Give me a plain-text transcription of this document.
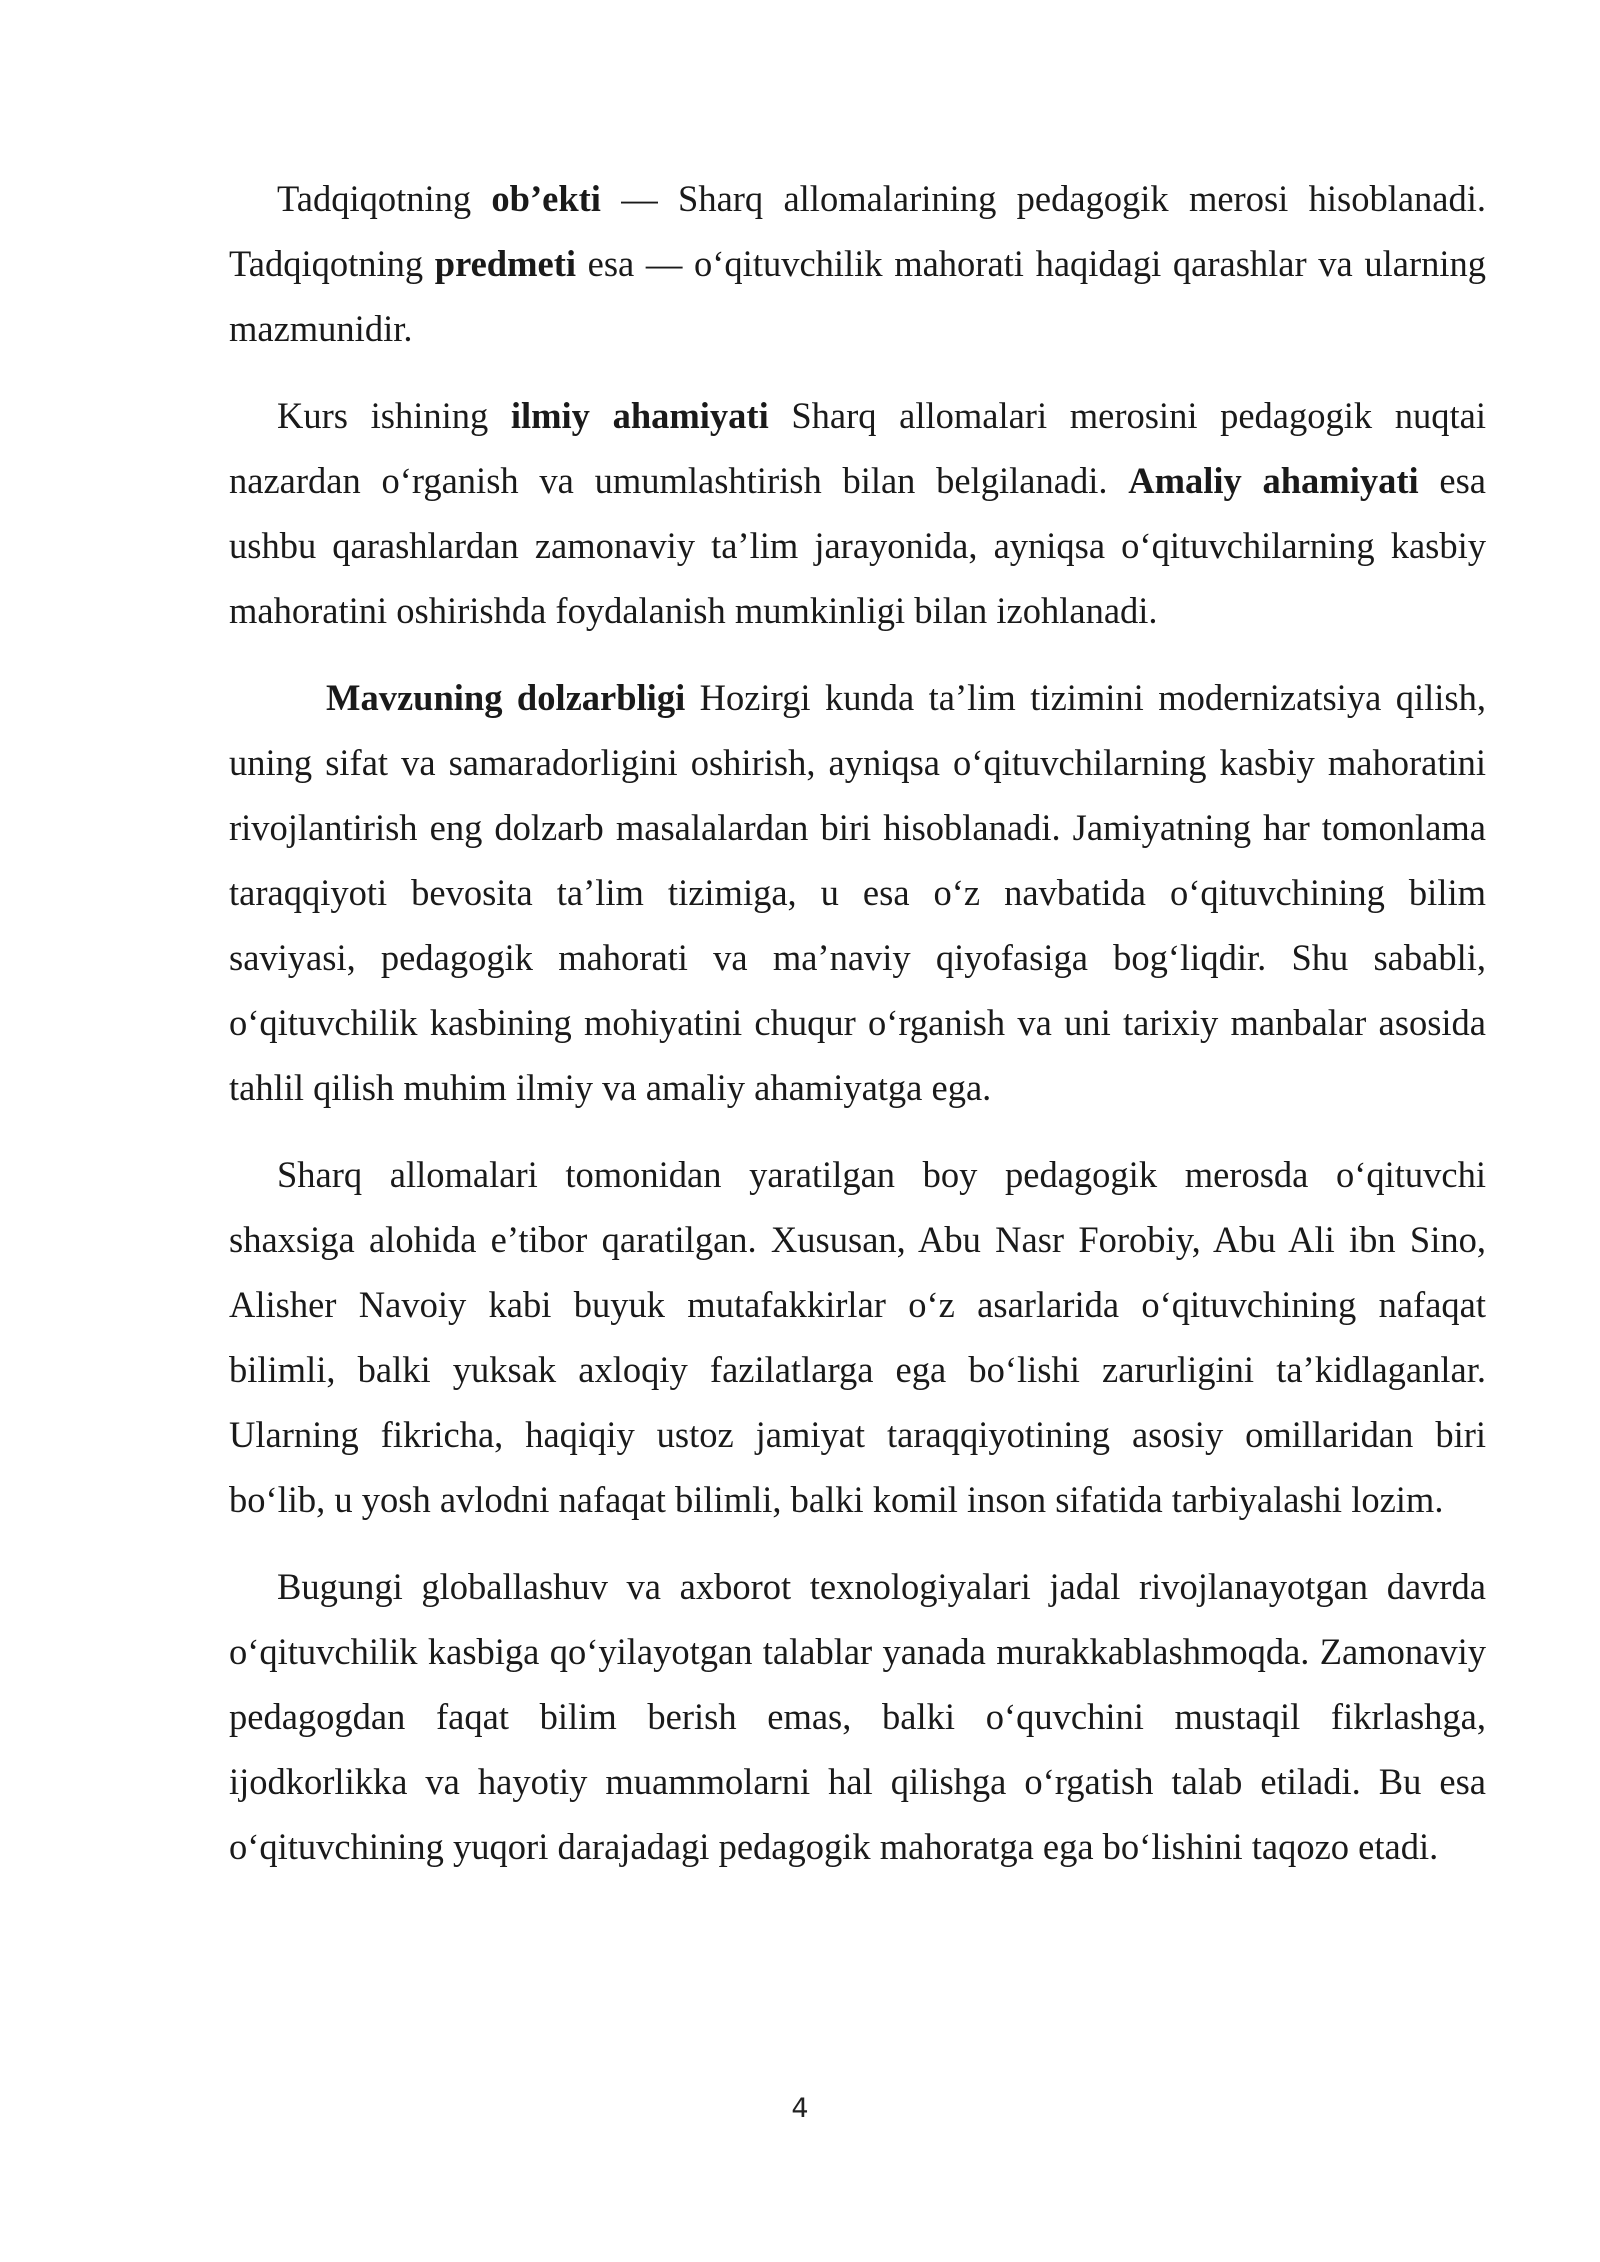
Tadqiqotning ob’ekti — Sharq allomalarining pedagogik merosi hisoblanadi. Tadqiqotning predmeti esa — o‘qituvchilik mahorati haqidagi qarashlar va ularning mazmunidir.

Kurs ishining ilmiy ahamiyati Sharq allomalari merosini pedagogik nuqtai nazardan o‘rganish va umumlashtirish bilan belgilanadi. Amaliy ahamiyati esa ushbu qarashlardan zamonaviy ta’lim jarayonida, ayniqsa o‘qituvchilarning kasbiy mahoratini oshirishda foydalanish mumkinligi bilan izohlanadi.

Mavzuning dolzarbligi Hozirgi kunda ta’lim tizimini modernizatsiya qilish, uning sifat va samaradorligini oshirish, ayniqsa o‘qituvchilarning kasbiy mahoratini rivojlantirish eng dolzarb masalalardan biri hisoblanadi. Jamiyatning har tomonlama taraqqiyoti bevosita ta’lim tizimiga, u esa o‘z navbatida o‘qituvchining bilim saviyasi, pedagogik mahorati va ma’naviy qiyofasiga bog‘liqdir. Shu sababli, o‘qituvchilik kasbining mohiyatini chuqur o‘rganish va uni tarixiy manbalar asosida tahlil qilish muhim ilmiy va amaliy ahamiyatga ega.

Sharq allomalari tomonidan yaratilgan boy pedagogik merosda o‘qituvchi shaxsiga alohida e’tibor qaratilgan. Xususan, Abu Nasr Forobiy, Abu Ali ibn Sino, Alisher Navoiy kabi buyuk mutafakkirlar o‘z asarlarida o‘qituvchining nafaqat bilimli, balki yuksak axloqiy fazilatlarga ega bo‘lishi zarurligini ta’kidlaganlar. Ularning fikricha, haqiqiy ustoz jamiyat taraqqiyotining asosiy omillaridan biri bo‘lib, u yosh avlodni nafaqat bilimli, balki komil inson sifatida tarbiyalashi lozim.

Bugungi globallashuv va axborot texnologiyalari jadal rivojlanayotgan davrda o‘qituvchilik kasbiga qo‘yilayotgan talablar yanada murakkablashmoqda. Zamonaviy pedagogdan faqat bilim berish emas, balki o‘quvchini mustaqil fikrlashga, ijodkorlikka va hayotiy muammolarni hal qilishga o‘rgatish talab etiladi. Bu esa o‘qituvchining yuqori darajadagi pedagogik mahoratga ega bo‘lishini taqozo etadi.

4
